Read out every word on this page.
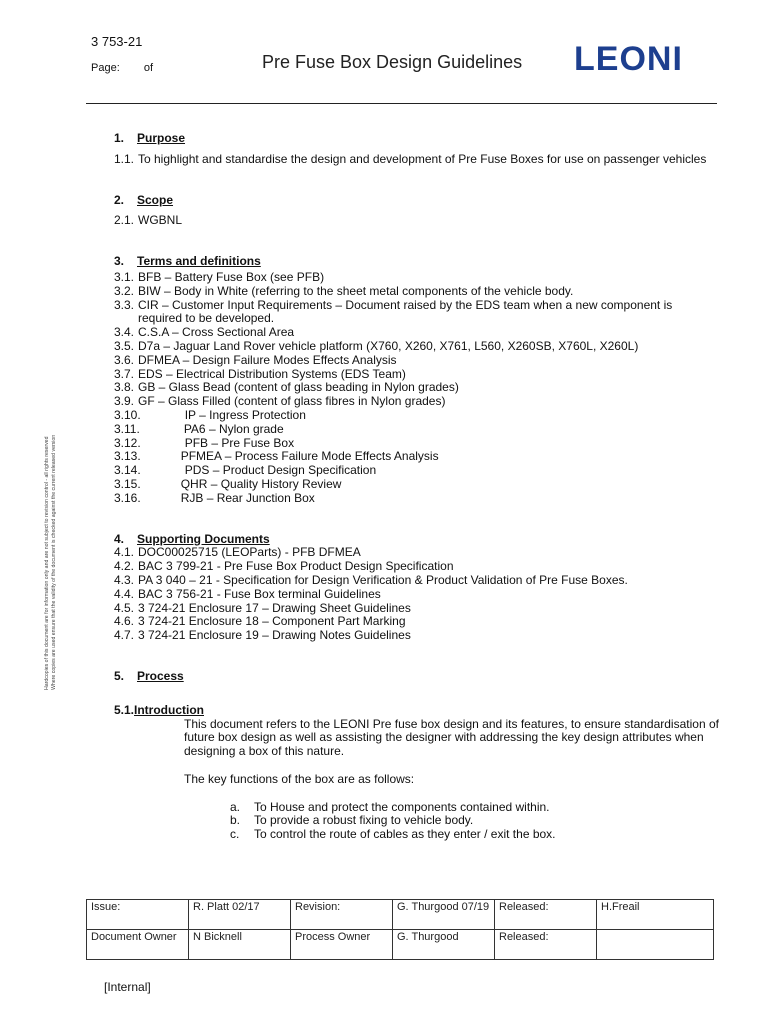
3 753-21
Page: of	Pre Fuse Box Design Guidelines LEONI
Hardcopies of this document are for information only and are not subject to revision control - all rights reserved Where copies are used ensure that the validity of the document is checked against the current released version
1. Purpose
1.1. To highlight and standardise the design and development of Pre Fuse Boxes for use on passenger vehicles
2. Scope
2.1. WGBNL
3. Terms and definitions
3.1. BFB – Battery Fuse Box (see PFB)
3.2. BIW – Body in White (referring to the sheet metal components of the vehicle body.
3.3. CIR – Customer Input Requirements – Document raised by the EDS team when a new component is required to be developed.
3.4. C.S.A – Cross Sectional Area
3.5. D7a – Jaguar Land Rover vehicle platform (X760, X260, X761, L560, X260SB, X760L, X260L)
3.6. DFMEA – Design Failure Modes Effects Analysis
3.7. EDS – Electrical Distribution Systems (EDS Team)
3.8. GB – Glass Bead (content of glass beading in Nylon grades)
3.9. GF – Glass Filled (content of glass fibres in Nylon grades)
3.10.	IP – Ingress Protection
3.11.	PA6 – Nylon grade
3.12.	PFB – Pre Fuse Box
3.13.	PFMEA – Process Failure Mode Effects Analysis
3.14.	PDS – Product Design Specification
3.15.	QHR – Quality History Review
3.16.	RJB – Rear Junction Box
4. Supporting Documents
4.1. DOC00025715 (LEOParts) - PFB DFMEA
4.2. BAC 3 799-21 - Pre Fuse Box Product Design Specification
4.3. PA 3 040 – 21 - Specification for Design Verification & Product Validation of Pre Fuse Boxes.
4.4. BAC 3 756-21 - Fuse Box terminal Guidelines
4.5. 3 724-21 Enclosure 17 – Drawing Sheet Guidelines
4.6. 3 724-21 Enclosure 18 – Component Part Marking
4.7. 3 724-21 Enclosure 19 – Drawing Notes Guidelines
5. Process
5.1.Introduction
This document refers to the LEONI Pre fuse box design and its features, to ensure standardisation of future box design as well as assisting the designer with addressing the key design attributes when designing a box of this nature.
The key functions of the box are as follows:
a.	To House and protect the components contained within.
b.	To provide a robust fixing to vehicle body.
c.	To control the route of cables as they enter / exit the box.
Issue:	R. Platt 02/17	Revision:	G. Thurgood 07/19	Released:	H.Freail
Document Owner	N Bicknell	Process Owner	G. Thurgood	Released:	
[Internal]
